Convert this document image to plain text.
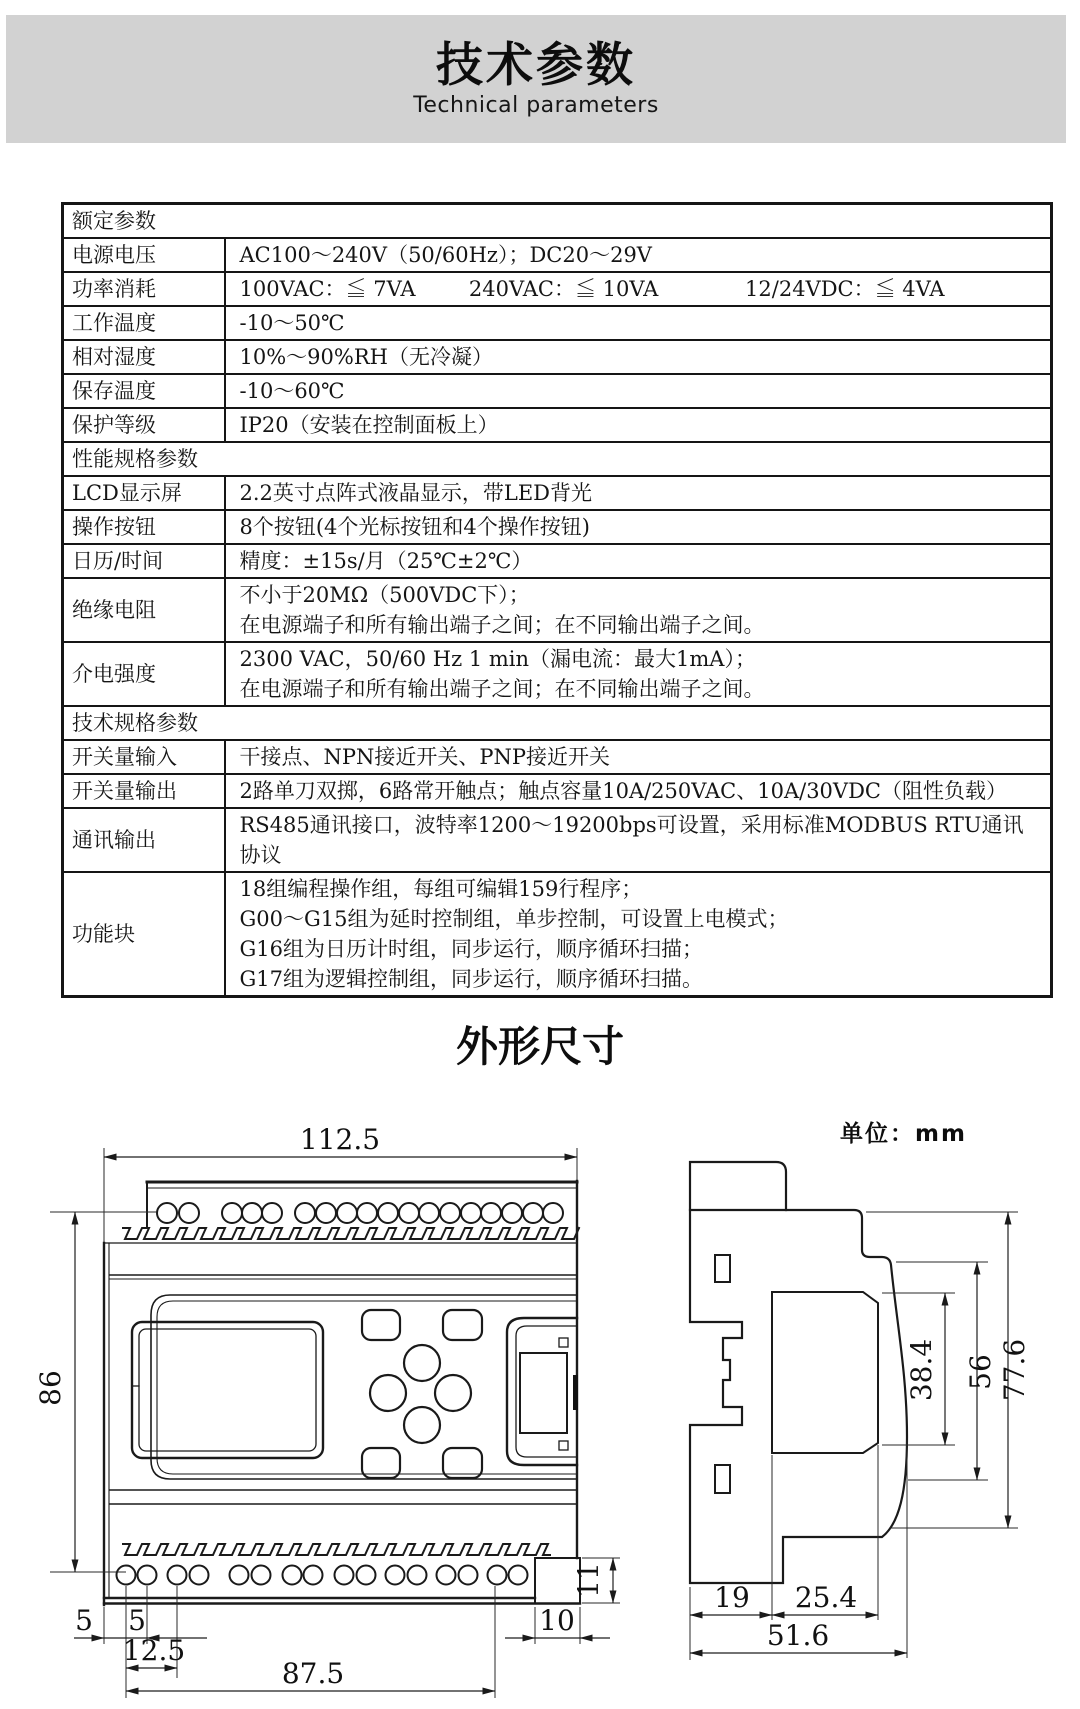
技术参数
Technical parameters
额定参数	
电源电压	AC100～240V（50/60Hz）；DC20～29V

功率消耗	100VAC：≦ 7VA        240VAC：≦ 10VA             12/24VDC：≦ 4VA

工作温度	-10～50℃

相对湿度	10%～90%RH（无冷凝）

保存温度	-10～60℃

保护等级	IP20（安装在控制面板上）

性能规格参数	
LCD显示屏	2.2英寸点阵式液晶显示，带LED背光

操作按钮	8个按钮(4个光标按钮和4个操作按钮)

日历/时间	精度：±15s/月（25℃±2℃）

绝缘电阻	不小于20MΩ（500VDC下）；
在电源端子和所有输出端子之间；在不同输出端子之间。

介电强度	2300 VAC，50/60 Hz 1 min（漏电流：最大1mA）；
在电源端子和所有输出端子之间；在不同输出端子之间。

技术规格参数	
开关量输入	干接点、NPN接近开关、PNP接近开关

开关量输出	2路单刀双掷，6路常开触点；触点容量10A/250VAC、10A/30VDC（阻性负载）

通讯输出	RS485通讯接口，波特率1200～19200bps可设置，采用标准MODBUS RTU通讯协议

功能块	18组编程操作组，每组可编辑159行程序；
G00～G15组为延时控制组，单步控制，可设置上电模式；
G16组为日历计时组，同步运行，顺序循环扫描；
G17组为逻辑控制组，同步运行，顺序循环扫描。
外形尺寸
单位：mm
112.5
86
5 5
12.5
87.5
10
11
38.4 56 77.6
19 25.4
51.6
